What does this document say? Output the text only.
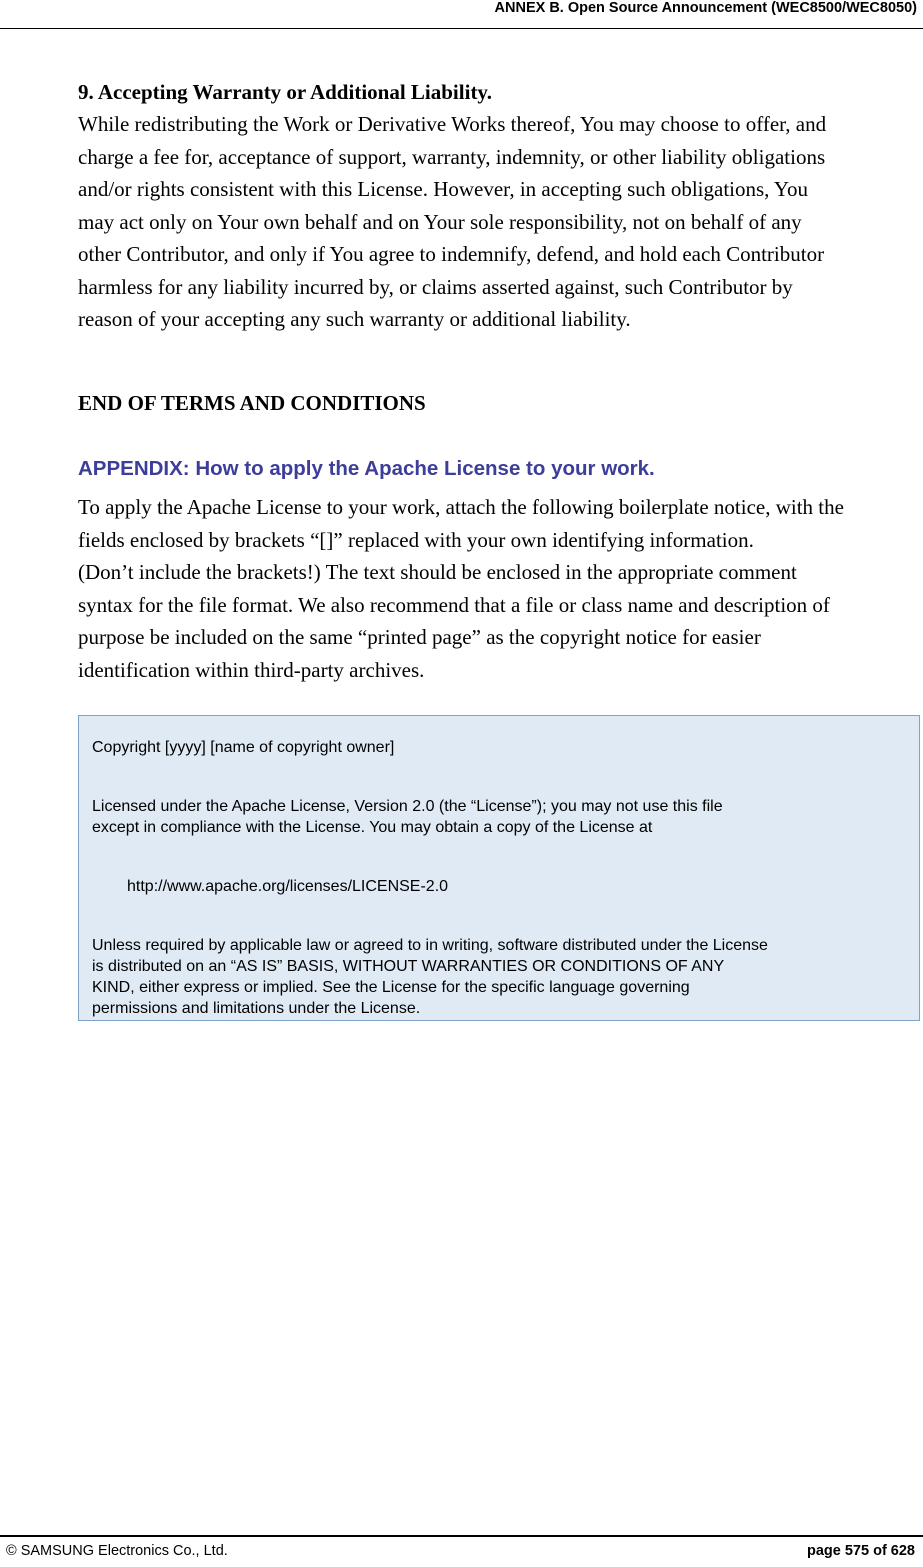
ANNEX B. Open Source Announcement (WEC8500/WEC8050)
9. Accepting Warranty or Additional Liability.
While redistributing the Work or Derivative Works thereof, You may choose to offer, and
charge a fee for, acceptance of support, warranty, indemnity, or other liability obligations
and/or rights consistent with this License. However, in accepting such obligations, You
may act only on Your own behalf and on Your sole responsibility, not on behalf of any
other Contributor, and only if You agree to indemnify, defend, and hold each Contributor
harmless for any liability incurred by, or claims asserted against, such Contributor by
reason of your accepting any such warranty or additional liability.
END OF TERMS AND CONDITIONS
APPENDIX: How to apply the Apache License to your work.
To apply the Apache License to your work, attach the following boilerplate notice, with the
fields enclosed by brackets “[]” replaced with your own identifying information.
(Don’t include the brackets!) The text should be enclosed in the appropriate comment
syntax for the file format. We also recommend that a file or class name and description of
purpose be included on the same “printed page” as the copyright notice for easier
identification within third-party archives.
Copyright [yyyy] [name of copyright owner]
Licensed under the Apache License, Version 2.0 (the “License”); you may not use this file
except in compliance with the License. You may obtain a copy of the License at
http://www.apache.org/licenses/LICENSE-2.0
Unless required by applicable law or agreed to in writing, software distributed under the License
is distributed on an “AS IS” BASIS, WITHOUT WARRANTIES OR CONDITIONS OF ANY
KIND, either express or implied. See the License for the specific language governing
permissions and limitations under the License.
© SAMSUNG Electronics Co., Ltd.	page 575 of 628
